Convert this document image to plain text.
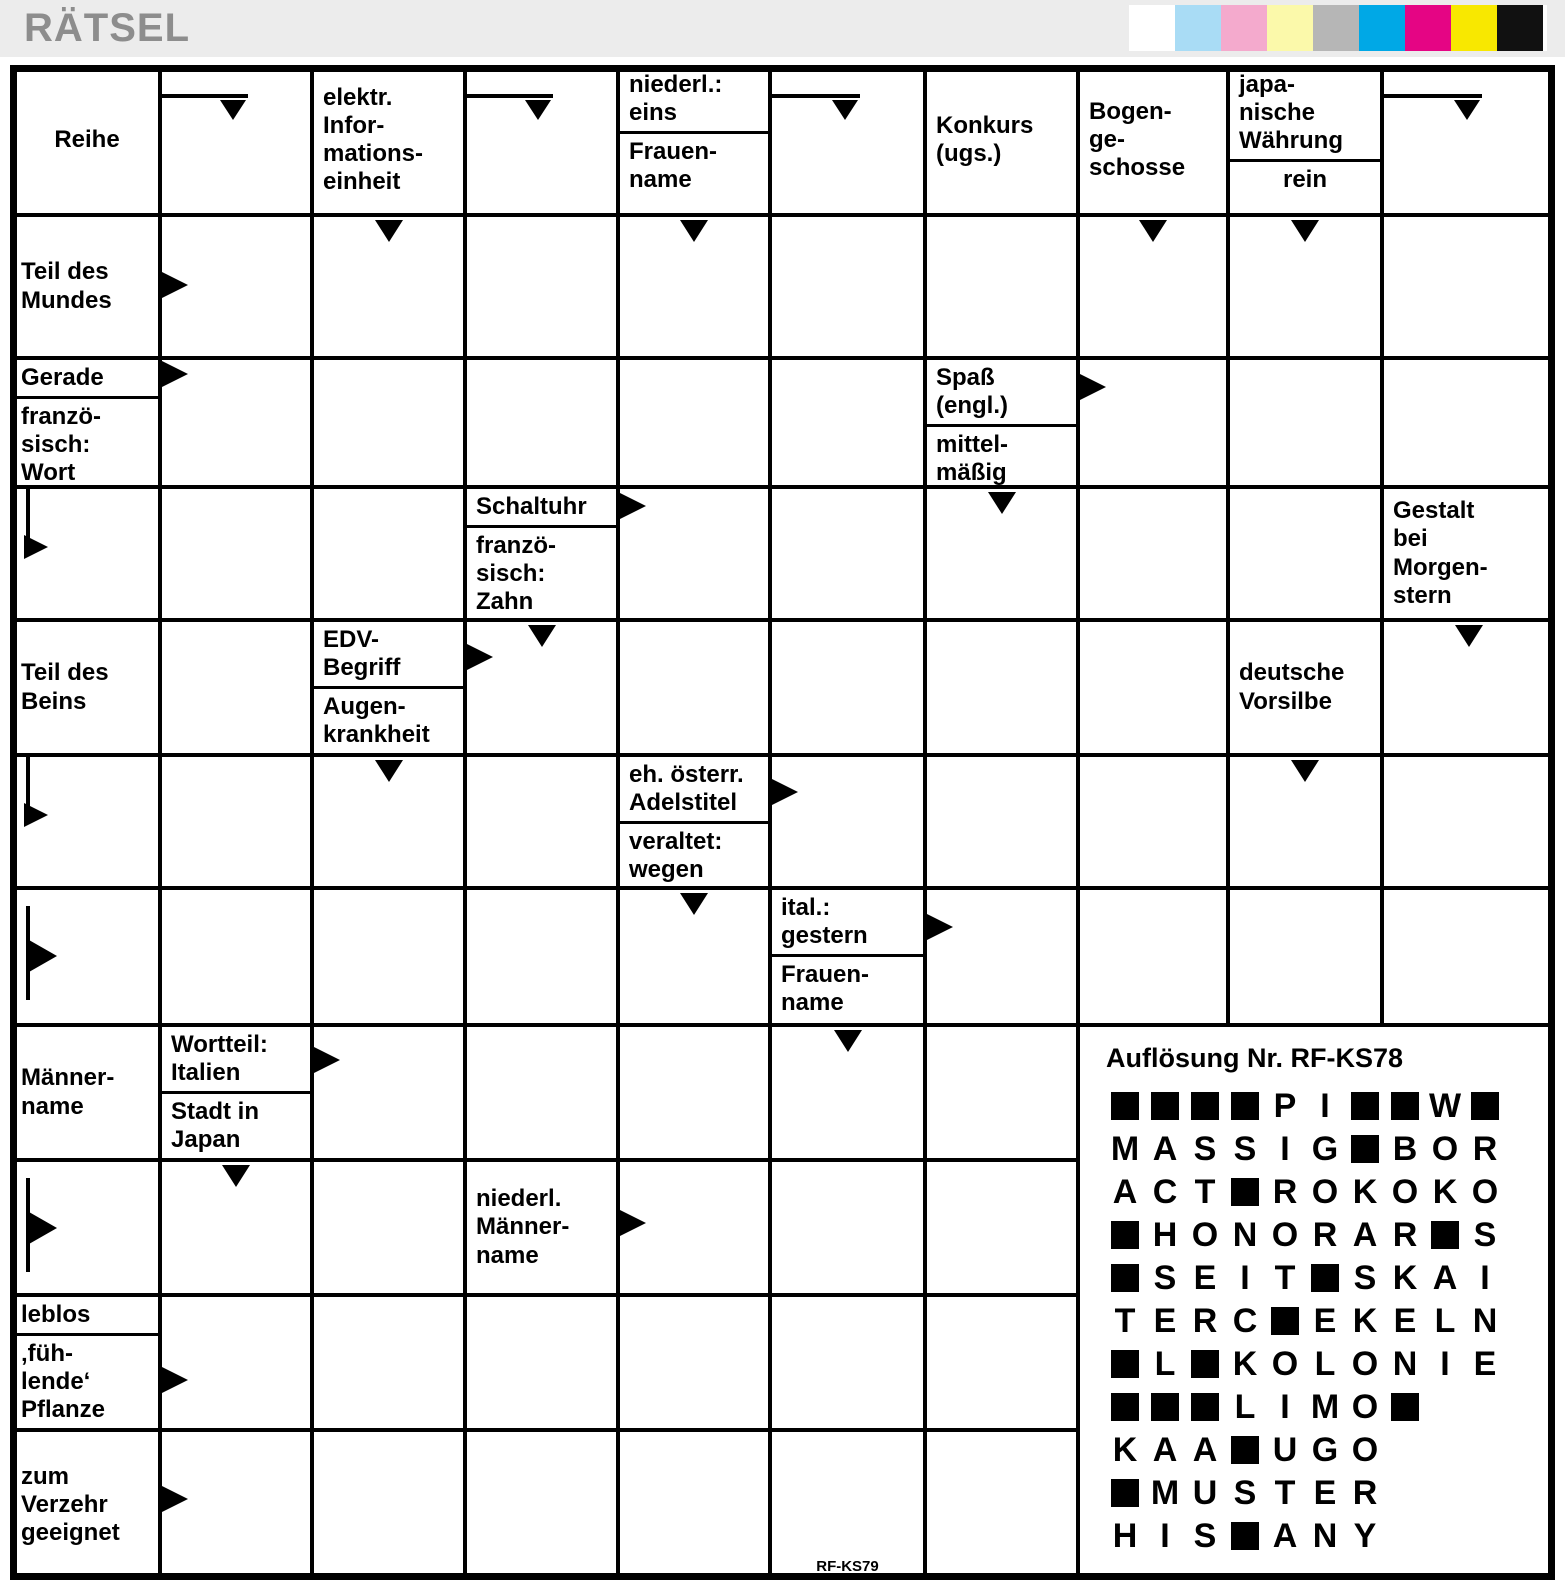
RÄTSEL
Reihe
elektr.
Infor-
mations-
einheit
niederl.:
eins
Frauen-
name
Konkurs
(ugs.)
Bogen-
ge-
schosse
japa-
nische
Währung
rein
Teil des
Mundes
Gerade
franzö-
sisch:
Wort
Spaß
(engl.)
mittel-
mäßig
Schaltuhr
franzö-
sisch:
Zahn
Gestalt
bei
Morgen-
stern
Teil des
Beins
EDV-
Begriff
Augen-
krankheit
deutsche
Vorsilbe
eh. österr.
Adelstitel
veraltet:
wegen
ital.:
gestern
Frauen-
name
Männer-
name
Wortteil:
Italien
Stadt in
Japan
niederl.
Männer-
name
leblos
‚füh-
lende‘
Pflanze
zum
Verzehr
geeignet
RF-KS79
Auflösung Nr. RF-KS78
P I	W
M A S S I G B O R
A C T R O K O K O
H O N O R A R S
S E I T S K A I
T E R C E K E L N
L K O L O N I E
L I M O
K A A U G O
M U S T E R
H I S A N Y
